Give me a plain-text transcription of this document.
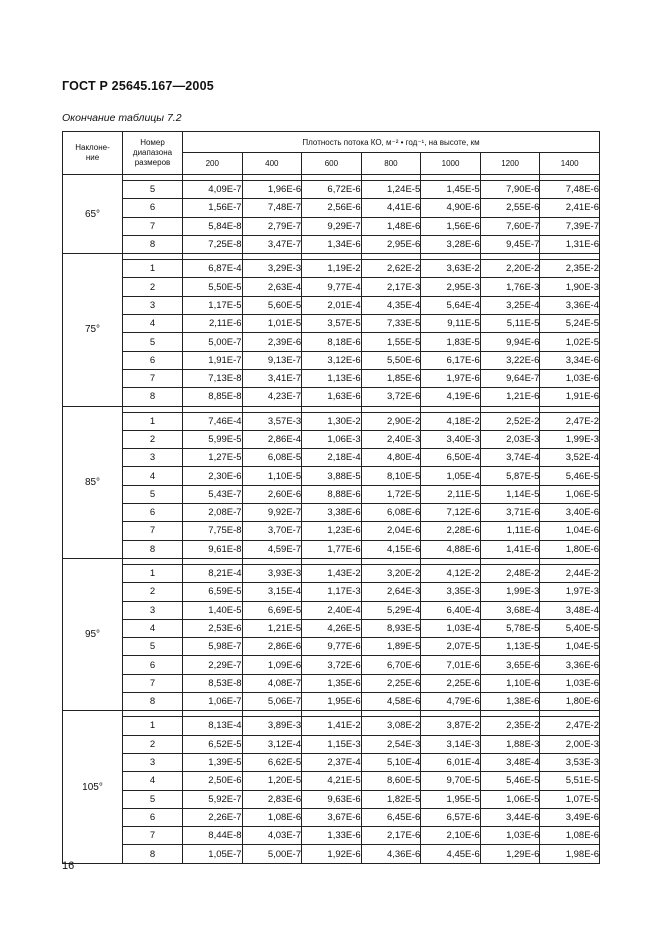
ГОСТ Р 25645.167—2005
Окончание таблицы 7.2
Наклоне-
ние	Номер
диапазона
размеров	Плотность потока КО, м⁻² • год⁻¹, на высоте, км						
		200	400	600	800	1000	1200	1400
65°								
	5	4,09E-7	1,96E-6	6,72E-6	1,24E-5	1,45E-5	7,90E-6	7,48E-6
	6	1,56E-7	7,48E-7	2,56E-6	4,41E-6	4,90E-6	2,55E-6	2,41E-6
	7	5,84E-8	2,79E-7	9,29E-7	1,48E-6	1,56E-6	7,60E-7	7,39E-7
	8	7,25E-8	3,47E-7	1,34E-6	2,95E-6	3,28E-6	9,45E-7	1,31E-6
75°								
	1	6,87E-4	3,29E-3	1,19E-2	2,62E-2	3,63E-2	2,20E-2	2,35E-2
	2	5,50E-5	2,63E-4	9,77E-4	2,17E-3	2,95E-3	1,76E-3	1,90E-3
	3	1,17E-5	5,60E-5	2,01E-4	4,35E-4	5,64E-4	3,25E-4	3,36E-4
	4	2,11E-6	1,01E-5	3,57E-5	7,33E-5	9,11E-5	5,11E-5	5,24E-5
	5	5,00E-7	2,39E-6	8,18E-6	1,55E-5	1,83E-5	9,94E-6	1,02E-5
	6	1,91E-7	9,13E-7	3,12E-6	5,50E-6	6,17E-6	3,22E-6	3,34E-6
	7	7,13E-8	3,41E-7	1,13E-6	1,85E-6	1,97E-6	9,64E-7	1,03E-6
	8	8,85E-8	4,23E-7	1,63E-6	3,72E-6	4,19E-6	1,21E-6	1,91E-6
85°								
	1	7,46E-4	3,57E-3	1,30E-2	2,90E-2	4,18E-2	2,52E-2	2,47E-2
	2	5,99E-5	2,86E-4	1,06E-3	2,40E-3	3,40E-3	2,03E-3	1,99E-3
	3	1,27E-5	6,08E-5	2,18E-4	4,80E-4	6,50E-4	3,74E-4	3,52E-4
	4	2,30E-6	1,10E-5	3,88E-5	8,10E-5	1,05E-4	5,87E-5	5,46E-5
	5	5,43E-7	2,60E-6	8,88E-6	1,72E-5	2,11E-5	1,14E-5	1,06E-5
	6	2,08E-7	9,92E-7	3,38E-6	6,08E-6	7,12E-6	3,71E-6	3,40E-6
	7	7,75E-8	3,70E-7	1,23E-6	2,04E-6	2,28E-6	1,11E-6	1,04E-6
	8	9,61E-8	4,59E-7	1,77E-6	4,15E-6	4,88E-6	1,41E-6	1,80E-6
95°								
	1	8,21E-4	3,93E-3	1,43E-2	3,20E-2	4,12E-2	2,48E-2	2,44E-2
	2	6,59E-5	3,15E-4	1,17E-3	2,64E-3	3,35E-3	1,99E-3	1,97E-3
	3	1,40E-5	6,69E-5	2,40E-4	5,29E-4	6,40E-4	3,68E-4	3,48E-4
	4	2,53E-6	1,21E-5	4,26E-5	8,93E-5	1,03E-4	5,78E-5	5,40E-5
	5	5,98E-7	2,86E-6	9,77E-6	1,89E-5	2,07E-5	1,13E-5	1,04E-5
	6	2,29E-7	1,09E-6	3,72E-6	6,70E-6	7,01E-6	3,65E-6	3,36E-6
	7	8,53E-8	4,08E-7	1,35E-6	2,25E-6	2,25E-6	1,10E-6	1,03E-6
	8	1,06E-7	5,06E-7	1,95E-6	4,58E-6	4,79E-6	1,38E-6	1,80E-6
105°								
	1	8,13E-4	3,89E-3	1,41E-2	3,08E-2	3,87E-2	2,35E-2	2,47E-2
	2	6,52E-5	3,12E-4	1,15E-3	2,54E-3	3,14E-3	1,88E-3	2,00E-3
	3	1,39E-5	6,62E-5	2,37E-4	5,10E-4	6,01E-4	3,48E-4	3,53E-3
	4	2,50E-6	1,20E-5	4,21E-5	8,60E-5	9,70E-5	5,46E-5	5,51E-5
	5	5,92E-7	2,83E-6	9,63E-6	1,82E-5	1,95E-5	1,06E-5	1,07E-5
	6	2,26E-7	1,08E-6	3,67E-6	6,45E-6	6,57E-6	3,44E-6	3,49E-6
	7	8,44E-8	4,03E-7	1,33E-6	2,17E-6	2,10E-6	1,03E-6	1,08E-6
	8	1,05E-7	5,00E-7	1,92E-6	4,36E-6	4,45E-6	1,29E-6	1,98E-6
16
